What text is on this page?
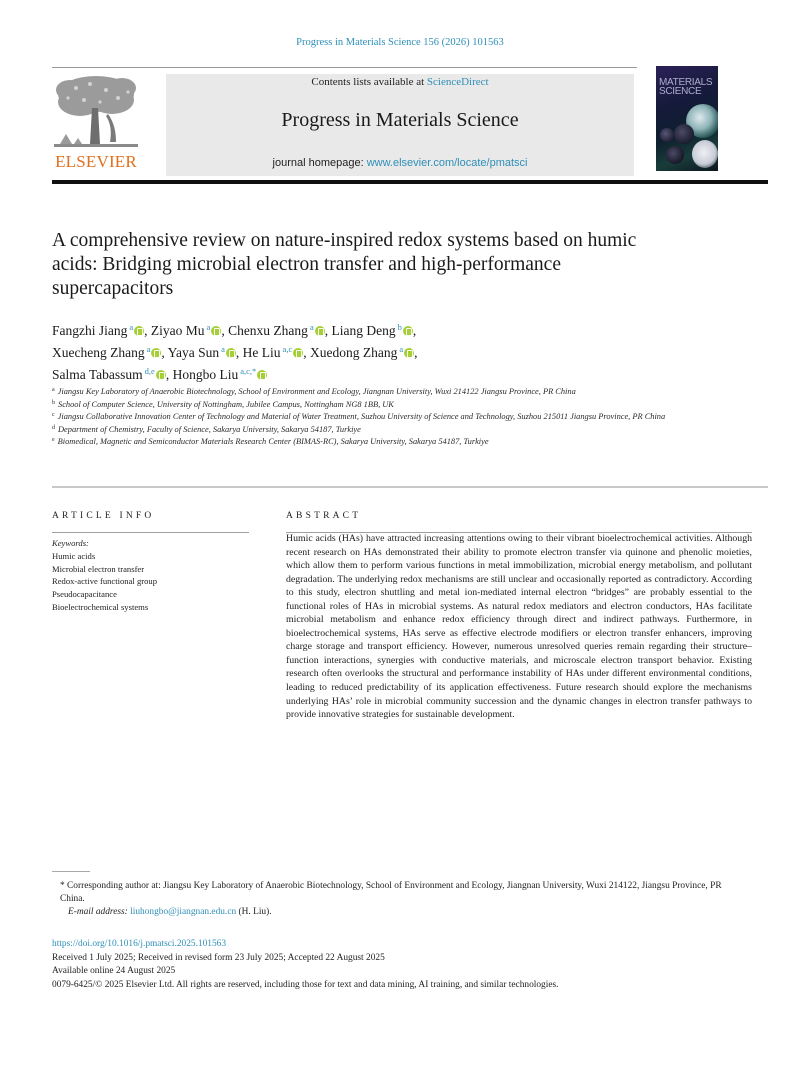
Progress in Materials Science 156 (2026) 101563
ELSEVIER
Contents lists available at ScienceDirect
Progress in Materials Science
journal homepage: www.elsevier.com/locate/pmatsci
MATERIALS
SCIENCE
A comprehensive review on nature-inspired redox systems based on humic acids: Bridging microbial electron transfer and high-performance supercapacitors
Fangzhi Jiang $^a$ , Ziyao Mu $^a$ , Chenxu Zhang $^a$ , Liang Deng $^b$ ,
Xuecheng Zhang $^a$ , Yaya Sun $^a$ , He Liu $^{a,c}$ , Xuedong Zhang $^a$ ,
Salma Tabassum $^{d,e}$ , Hongbo Liu $^{a,c,*}$
$^a$ Jiangsu Key Laboratory of Anaerobic Biotechnology, School of Environment and Ecology, Jiangnan University, Wuxi 214122 Jiangsu Province, PR China
$^b$ School of Computer Science, University of Nottingham, Jubilee Campus, Nottingham NG8 1BB, UK
$^c$ Jiangsu Collaborative Innovation Center of Technology and Material of Water Treatment, Suzhou University of Science and Technology, Suzhou 215011 Jiangsu Province, PR China
$^d$ Department of Chemistry, Faculty of Science, Sakarya University, Sakarya 54187, Turkiye
$^e$ Biomedical, Magnetic and Semiconductor Materials Research Center (BIMAS-RC), Sakarya University, Sakarya 54187, Turkiye
ARTICLE INFO	ABSTRACT
Keywords:
Humic acids
Microbial electron transfer
Redox-active functional group
Pseudocapacitance
Bioelectrochemical systems

Humic acids (HAs) have attracted increasing attentions owing to their vibrant bioelectrochemical activities. Although recent research on HAs demonstrated their ability to promote electron transfer via quinone and phenolic moieties, which allow them to perform various functions in metal immobilization, microbial energy metabolism, and pollutant degradation. The underlying redox mechanisms are still unclear and occasionally reported as contradictory. According to this study, electron shuttling and metal ion-mediated internal electron “bridges” are probably essential to the functional roles of HAs in microbial systems. As natural redox mediators and electron conductors, HAs facilitate microbial metabolism and enhance redox efficiency through direct and indirect pathways. Furthermore, in bioelectrochemical systems, HAs serve as effective electrode modifiers or electron transfer enhancers, improving charge storage and transport efficiency. However, numerous unresolved queries remain regarding their structure–function interactions, synergies with conductive materials, and microscale electron transport behavior. Existing research often overlooks the structural and performance instability of HAs under different environmental conditions, leading to reduced predictability of its application effectiveness. Future research should explore the mechanisms underlying HAs’ role in microbial community succession and the dynamic changes in electron transfer pathways to provide innovative strategies for sustainable development.

* Corresponding author at: Jiangsu Key Laboratory of Anaerobic Biotechnology, School of Environment and Ecology, Jiangnan University, Wuxi 214122, Jiangsu Province, PR China.
E-mail address: liuhongbo@jiangnan.edu.cn (H. Liu).
https://doi.org/10.1016/j.pmatsci.2025.101563
Received 1 July 2025; Received in revised form 23 July 2025; Accepted 22 August 2025
Available online 24 August 2025
0079-6425/© 2025 Elsevier Ltd. All rights are reserved, including those for text and data mining, AI training, and similar technologies.
